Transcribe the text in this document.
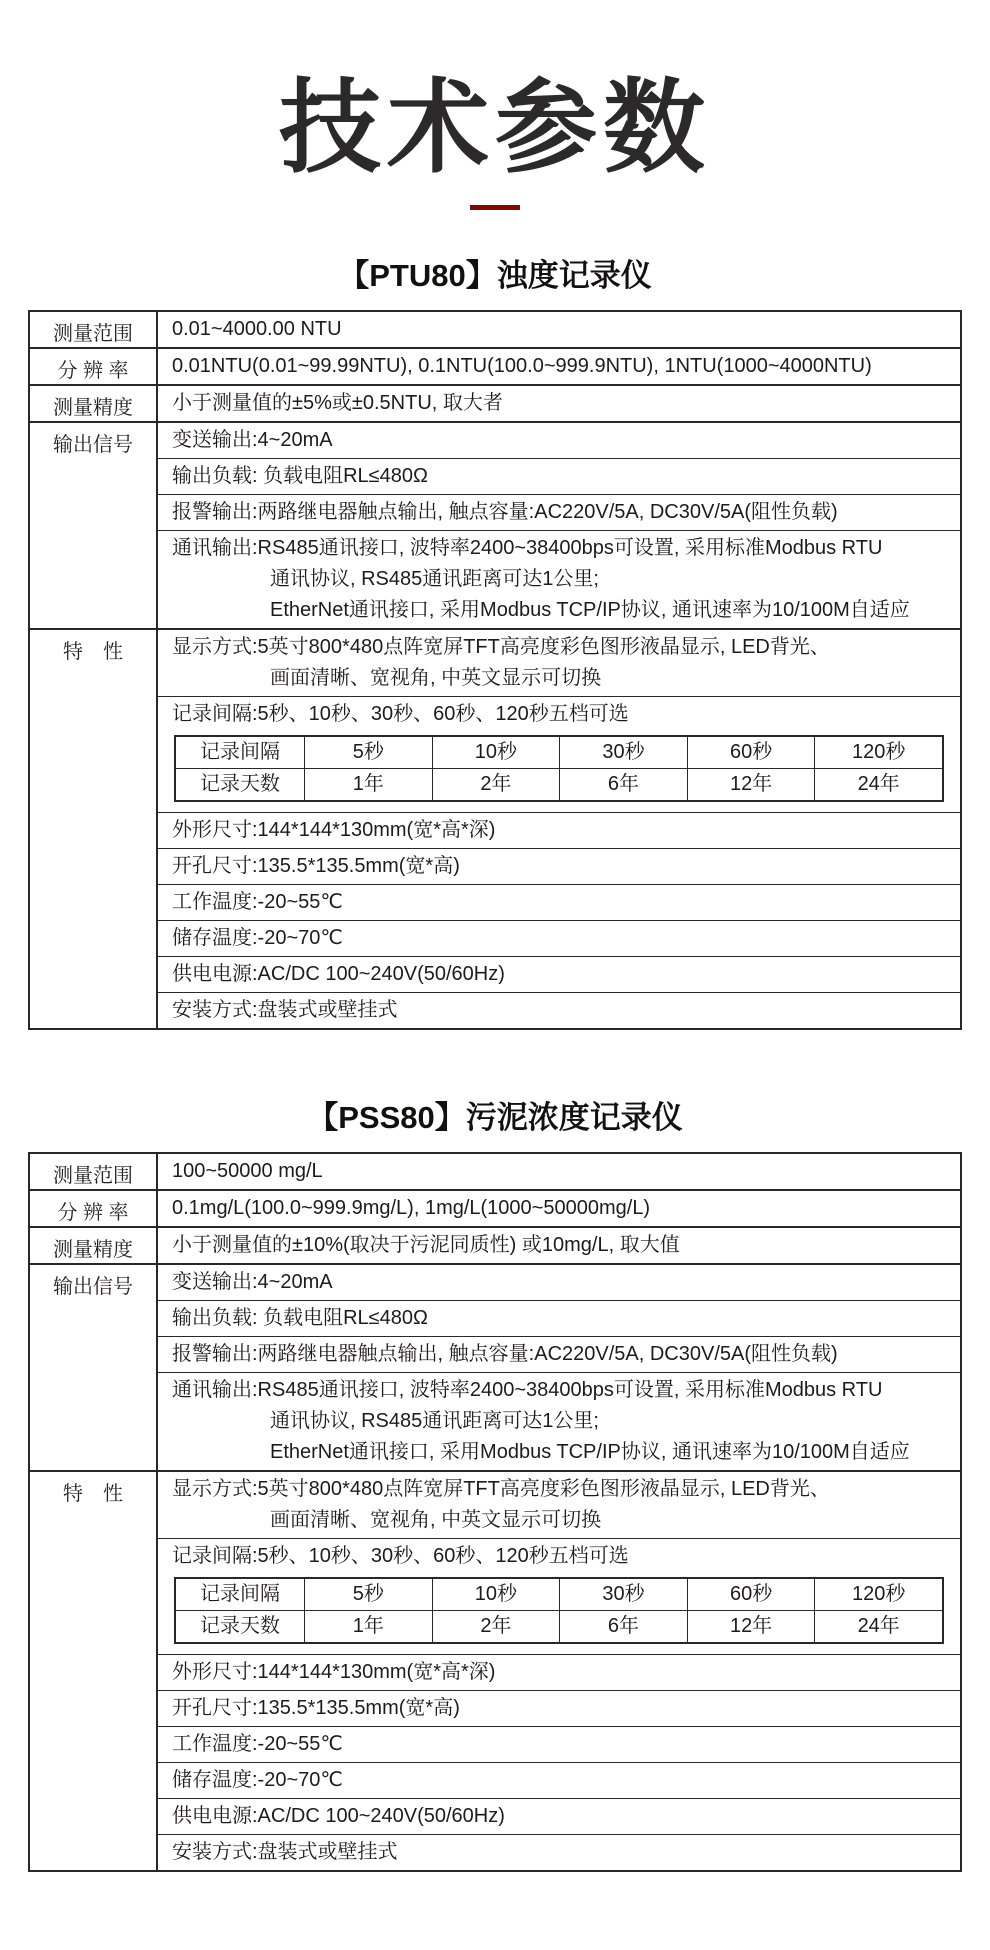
技术参数
【PTU80】浊度记录仪
测量范围	0.01~4000.00 NTU
分 辨 率	0.01NTU(0.01~99.99NTU), 0.1NTU(100.0~999.9NTU), 1NTU(1000~4000NTU)
测量精度	小于测量值的±5%或±0.5NTU, 取大者
输出信号	变送输出:4~20mA
输出负载: 负载电阻RL≤480Ω
报警输出:两路继电器触点输出, 触点容量:AC220V/5A, DC30V/5A(阻性负载)
通讯输出:RS485通讯接口, 波特率2400~38400bps可设置, 采用标准Modbus RTU
通讯协议, RS485通讯距离可达1公里;
EtherNet通讯接口, 采用Modbus TCP/IP协议, 通讯速率为10/100M自适应
特　性	显示方式:5英寸800*480点阵宽屏TFT高亮度彩色图形液晶显示, LED背光、
画面清晰、宽视角, 中英文显示可切换
记录间隔:5秒、10秒、30秒、60秒、120秒五档可选
记录间隔	5秒	10秒	30秒	60秒	120秒
记录天数	1年	2年	6年	12年	24年
外形尺寸:144*144*130mm(宽*高*深)
开孔尺寸:135.5*135.5mm(宽*高)
工作温度:-20~55℃
储存温度:-20~70℃
供电电源:AC/DC 100~240V(50/60Hz)
安装方式:盘装式或壁挂式
【PSS80】污泥浓度记录仪
测量范围	100~50000 mg/L
分 辨 率	0.1mg/L(100.0~999.9mg/L), 1mg/L(1000~50000mg/L)
测量精度	小于测量值的±10%(取决于污泥同质性) 或10mg/L, 取大值
输出信号	变送输出:4~20mA
输出负载: 负载电阻RL≤480Ω
报警输出:两路继电器触点输出, 触点容量:AC220V/5A, DC30V/5A(阻性负载)
通讯输出:RS485通讯接口, 波特率2400~38400bps可设置, 采用标准Modbus RTU
通讯协议, RS485通讯距离可达1公里;
EtherNet通讯接口, 采用Modbus TCP/IP协议, 通讯速率为10/100M自适应
特　性	显示方式:5英寸800*480点阵宽屏TFT高亮度彩色图形液晶显示, LED背光、
画面清晰、宽视角, 中英文显示可切换
记录间隔:5秒、10秒、30秒、60秒、120秒五档可选
记录间隔	5秒	10秒	30秒	60秒	120秒
记录天数	1年	2年	6年	12年	24年
外形尺寸:144*144*130mm(宽*高*深)
开孔尺寸:135.5*135.5mm(宽*高)
工作温度:-20~55℃
储存温度:-20~70℃
供电电源:AC/DC 100~240V(50/60Hz)
安装方式:盘装式或壁挂式
